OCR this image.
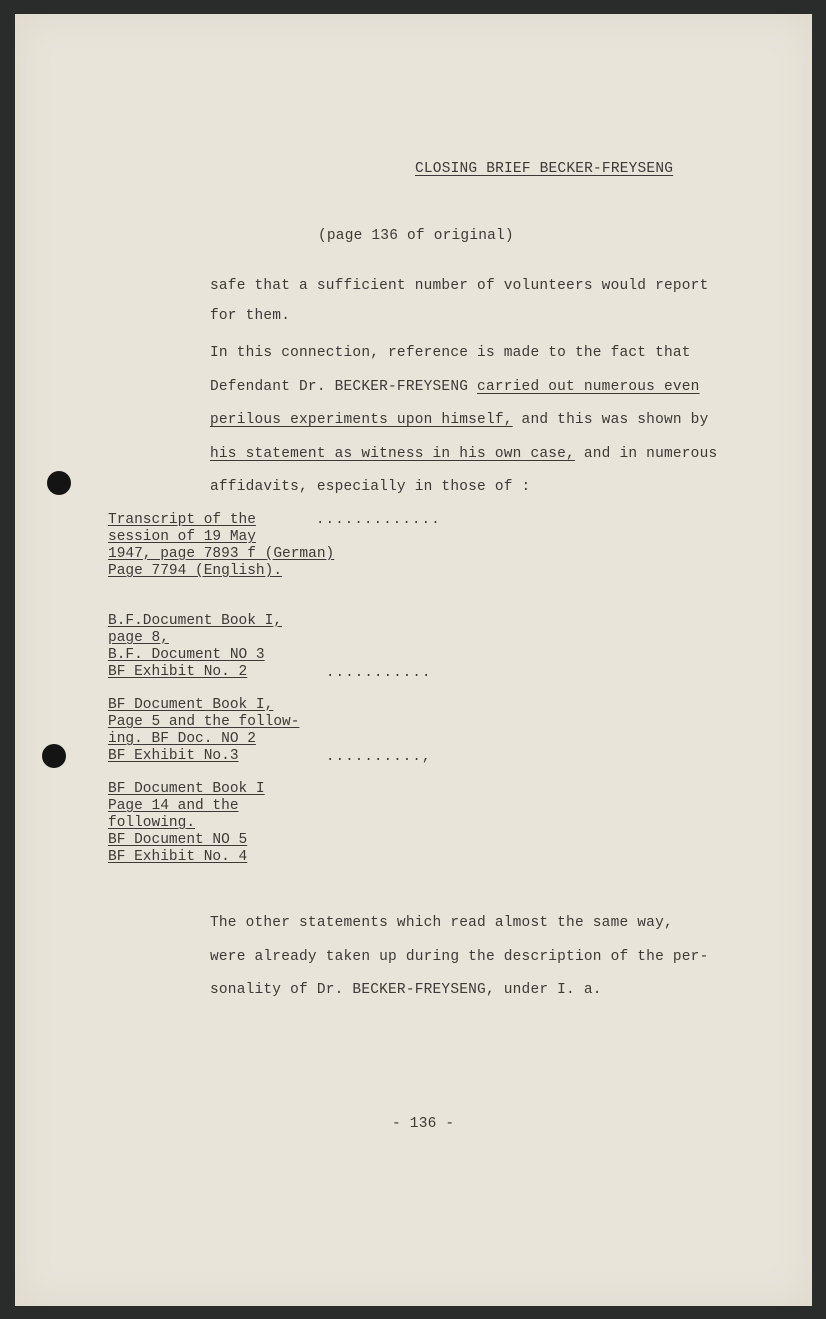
CLOSING BRIEF BECKER-FREYSENG
(page 136 of original)
safe that a sufficient number of volunteers would report
for them.
In this connection, reference is made to the fact that
Defendant Dr. BECKER-FREYSENG carried out numerous even
perilous experiments upon himself, and this was shown by
his statement as witness in his own case, and in numerous
affidavits, especially in those of :
Transcript of the
session of 19 May
1947, page 7893 f (German)
Page 7794 (English).
.............
B.F.Document Book I,
page 8,
B.F. Document NO 3
BF Exhibit No. 2	...........
BF Document Book I,
Page 5 and the follow-
ing. BF Doc. NO 2
BF Exhibit No.3	..........,
BF Document Book I
Page 14 and the
following.
BF Document NO 5
BF Exhibit No. 4
The other statements which read almost the same way,
were already taken up during the description of the per-
sonality of Dr. BECKER-FREYSENG, under I. a.
- 136 -
